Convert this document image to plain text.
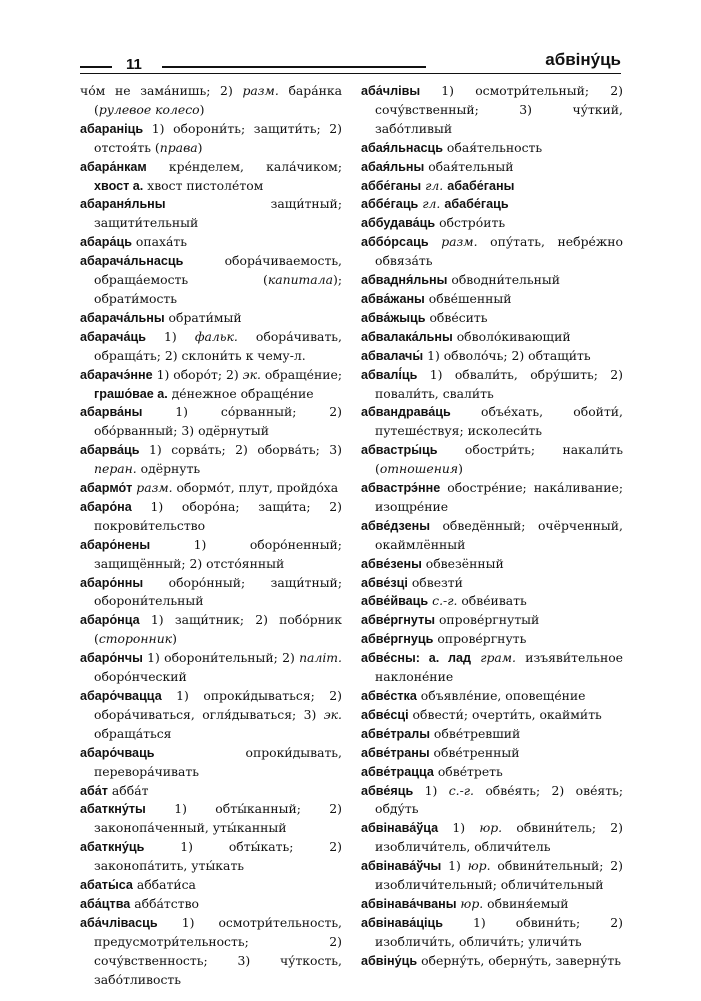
11	абвіну́ць
чо́м не зама́нишь; 2) разм. бара́нка (рулевое колесо)
абараніць 1) оборони́ть; защити́ть; 2) отстоя́ть (права)
абара́нкам кре́нделем, кала́чиком; хвост а. хвост пистоле́том
абараня́льны защи́тный; защити́тельный
абара́ць опаха́ть
абарача́льнасць обора́чиваемость, обраща́емость (капитала); обрати́мость
абарача́льны обрати́мый
абарача́ць 1) фальк. обора́чивать, обраща́ть; 2) склони́ть к чему-л.
абарачэ́нне 1) оборо́т; 2) эк. обраще́ние; грашо́вае а. де́нежное обраще́ние
абарва́ны 1) со́рванный; 2) обо́рванный; 3) одёрнутый
абарва́ць 1) сорва́ть; 2) оборва́ть; 3) перан. одёрнуть
абармо́т разм. обормо́т, плут, пройдо́ха
абаро́на 1) оборо́на; защи́та; 2) покрови́тельство
абаро́нены 1) оборо́ненный; защищённый; 2) отсто́янный
абаро́нны оборо́нный; защи́тный; оборони́тельный
абаро́нца 1) защи́тник; 2) побо́рник (сторонник)
абаро́нчы 1) оборони́тельный; 2) паліт. оборо́нческий
абаро́чвацца 1) опроки́дываться; 2) обора́чиваться, огля́дываться; 3) эк. обраща́ться
абаро́чваць опроки́дывать, перевора́чивать
аба́т абба́т
абаткну́ты 1) обты́канный; 2) законопа́ченный, уты́канный
абаткну́ць 1) обты́кать; 2) законопа́тить, уты́кать
абаты́са аббати́са
аба́цтва абба́тство
аба́члівасць 1) осмотри́тельность, предусмотри́тельность; 2) сочу́вственность; 3) чу́ткость, забо́тливость
аба́члівы 1) осмотри́тельный; 2) сочу́вственный; 3) чу́ткий, забо́тливый
абая́льнасць обая́тельность
абая́льны обая́тельный
аббе́ганы гл. абабе́ганы
аббе́гаць гл. абабе́гаць
аббудава́ць обстро́ить
аббо́рсаць разм. опу́тать, небре́жно обвяза́ть
абвадня́льны обводни́тельный
абва́жаны обве́шенный
абва́жыць обве́сить
абвалака́льны обволо́кивающий
абвалачы́ 1) обволо́чь; 2) обтащи́ть
абвалі́ць 1) обвали́ть, обру́шить; 2) повали́ть, свали́ть
абвандрава́ць объе́хать, обойти́, путеше́ствуя; исколеси́ть
абвастры́ць обостри́ть; накали́ть (отношения)
абвастрэ́нне обостре́ние; нака́ливание; изощре́ние
абве́дзены обведённый; очёрченный, окаймлённый
абве́зены обвезённый
абве́зці обвезти́
абве́йваць с.-г. обве́ивать
абве́ргнуты опрове́ргнутый
абве́ргнуць опрове́ргнуть
абве́сны: а. лад грам. изъяви́тельное наклоне́ние
абве́стка объявле́ние, оповеще́ние
абве́сці обвести́; очерти́ть, окайми́ть
абве́тралы обве́тревший
абве́траны обве́тренный
абве́трацца обве́треть
абве́яць 1) с.-г. обве́ять; 2) ове́ять; обду́ть
абвінава́ўца 1) юр. обвини́тель; 2) изобличи́тель, обличи́тель
абвінава́ўчы 1) юр. обвини́тельный; 2) изобличи́тельный; обличи́тельный
абвінава́чваны юр. обвиня́емый
абвінава́ціць 1) обвини́ть; 2) изобличи́ть, обличи́ть; уличи́ть
абвіну́ць оберну́ть, оберну́ть, заверну́ть
